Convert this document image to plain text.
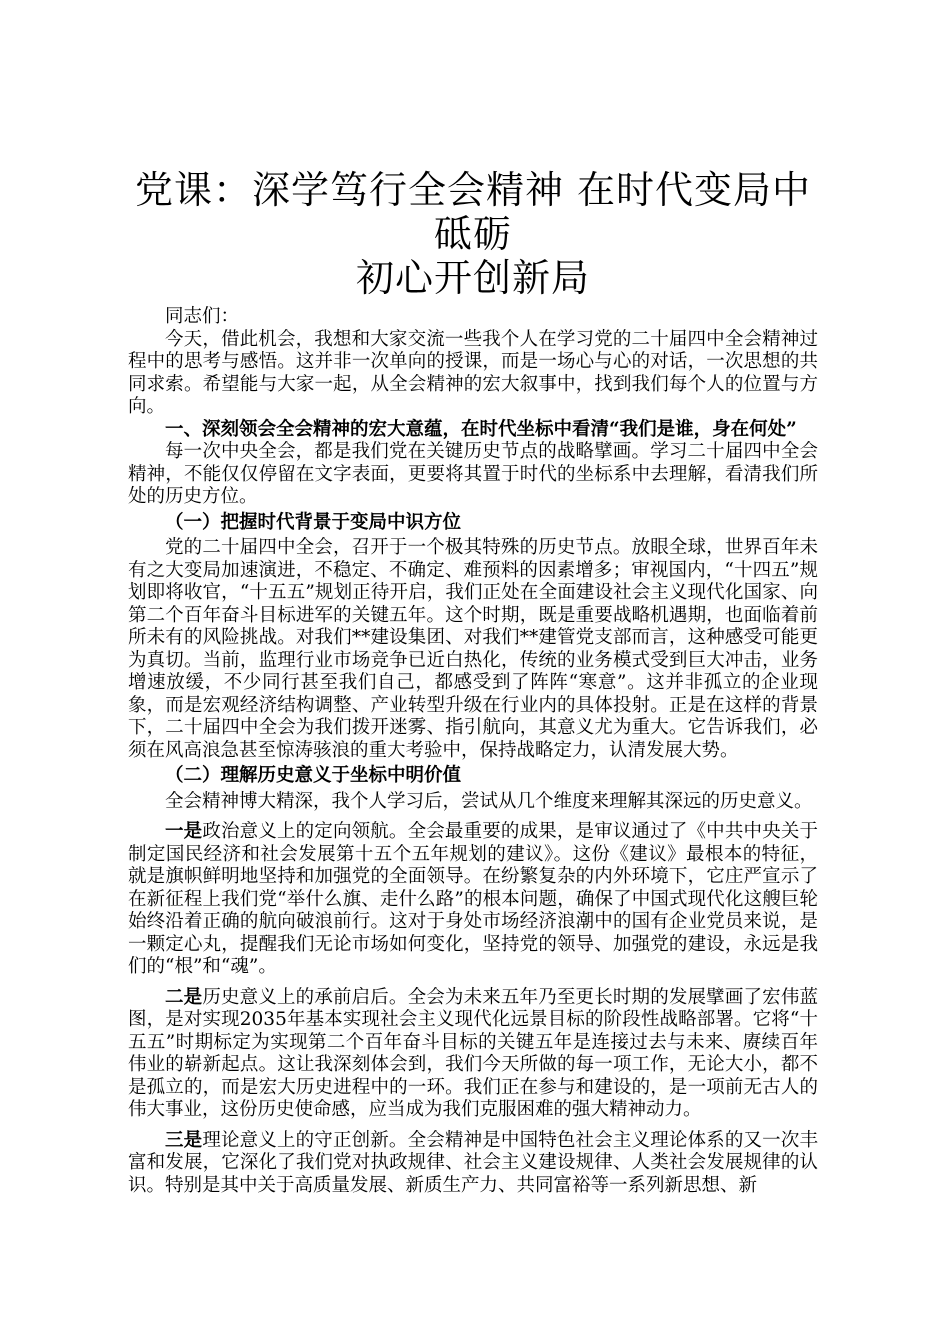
党课：深学笃行全会精神 在时代变局中砥砺
初心开创新局

同志们：

今天，借此机会，我想和大家交流一些我个人在学习党的二十届四中全会精神过程中的思考与感悟。这并非一次单向的授课，而是一场心与心的对话，一次思想的共同求索。希望能与大家一起，从全会精神的宏大叙事中，找到我们每个人的位置与方向。

一、深刻领会全会精神的宏大意蕴，在时代坐标中看清“我们是谁，身在何处”

每一次中央全会，都是我们党在关键历史节点的战略擘画。学习二十届四中全会精神，不能仅仅停留在文字表面，更要将其置于时代的坐标系中去理解，看清我们所处的历史方位。

（一）把握时代背景于变局中识方位

党的二十届四中全会，召开于一个极其特殊的历史节点。放眼全球，世界百年未有之大变局加速演进，不稳定、不确定、难预料的因素增多；审视国内，“十四五”规划即将收官，“十五五”规划正待开启，我们正处在全面建设社会主义现代化国家、向第二个百年奋斗目标进军的关键五年。这个时期，既是重要战略机遇期，也面临着前所未有的风险挑战。对我们**建设集团、对我们**建管党支部而言，这种感受可能更为真切。当前，监理行业市场竞争已近白热化，传统的业务模式受到巨大冲击，业务增速放缓，不少同行甚至我们自己，都感受到了阵阵“寒意”。这并非孤立的企业现象，而是宏观经济结构调整、产业转型升级在行业内的具体投射。正是在这样的背景下，二十届四中全会为我们拨开迷雾、指引航向，其意义尤为重大。它告诉我们，必须在风高浪急甚至惊涛骇浪的重大考验中，保持战略定力，认清发展大势。

（二）理解历史意义于坐标中明价值

全会精神博大精深，我个人学习后，尝试从几个维度来理解其深远的历史意义。

一是政治意义上的定向领航。全会最重要的成果，是审议通过了《中共中央关于制定国民经济和社会发展第十五个五年规划的建议》。这份《建议》最根本的特征，就是旗帜鲜明地坚持和加强党的全面领导。在纷繁复杂的内外环境下，它庄严宣示了在新征程上我们党“举什么旗、走什么路”的根本问题，确保了中国式现代化这艘巨轮始终沿着正确的航向破浪前行。这对于身处市场经济浪潮中的国有企业党员来说，是一颗定心丸，提醒我们无论市场如何变化，坚持党的领导、加强党的建设，永远是我们的“根”和“魂”。

二是历史意义上的承前启后。全会为未来五年乃至更长时期的发展擘画了宏伟蓝图，是对实现2035年基本实现社会主义现代化远景目标的阶段性战略部署。它将“十五五”时期标定为实现第二个百年奋斗目标的关键五年是连接过去与未来、赓续百年伟业的崭新起点。这让我深刻体会到，我们今天所做的每一项工作，无论大小，都不是孤立的，而是宏大历史进程中的一环。我们正在参与和建设的，是一项前无古人的伟大事业，这份历史使命感，应当成为我们克服困难的强大精神动力。

三是理论意义上的守正创新。全会精神是中国特色社会主义理论体系的又一次丰富和发展，它深化了我们党对执政规律、社会主义建设规律、人类社会发展规律的认识。特别是其中关于高质量发展、新质生产力、共同富裕等一系列新思想、新
